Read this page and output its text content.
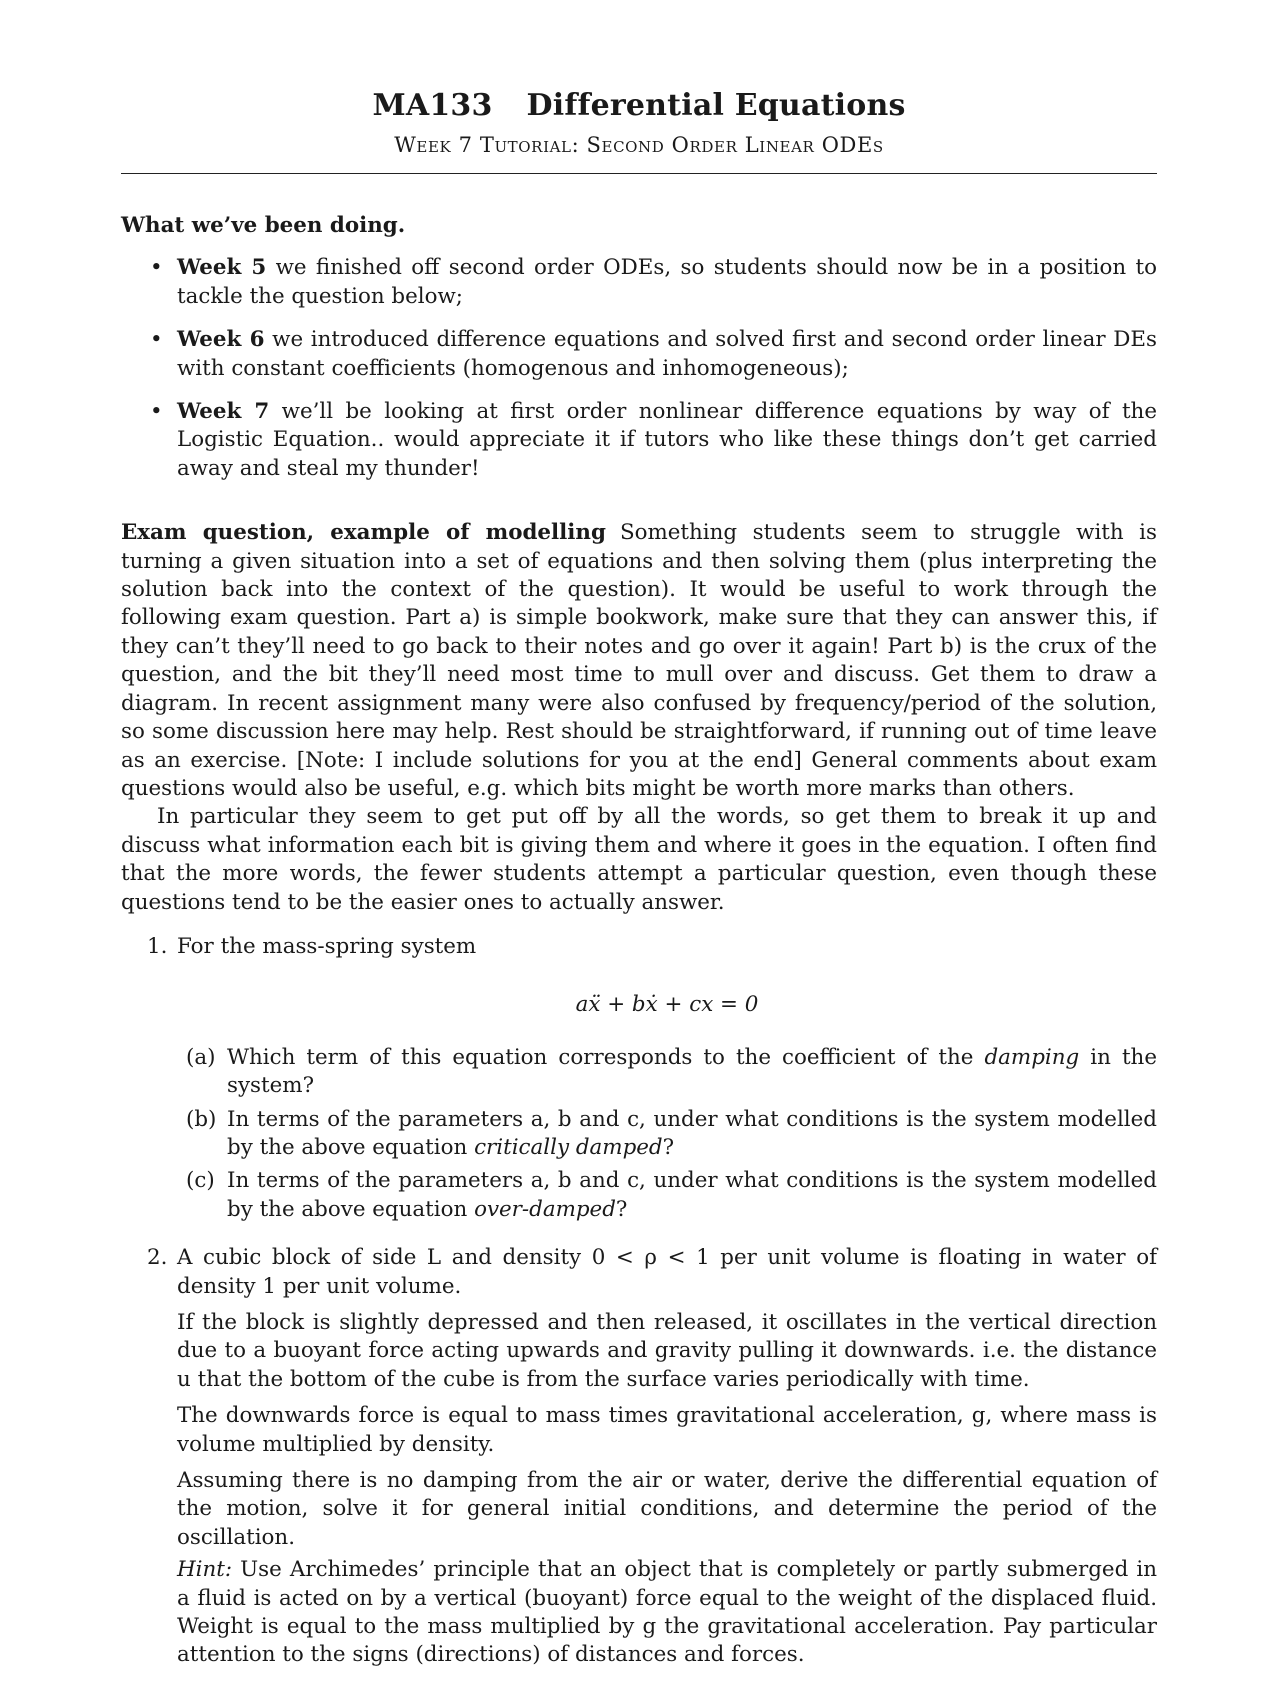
MA133 Differential Equations
Week 7 Tutorial: Second Order Linear ODEs

What we’ve been doing.

• Week 5 we finished off second order ODEs, so students should now be in a position to tackle the question below;
• Week 6 we introduced difference equations and solved first and second order linear DEs with constant coefficients (homogenous and inhomogeneous);
• Week 7 we’ll be looking at first order nonlinear difference equations by way of the Logistic Equation.. would appreciate it if tutors who like these things don’t get carried away and steal my thunder!

Exam question, example of modelling Something students seem to struggle with is turning a given situation into a set of equations and then solving them (plus interpreting the solution back into the context of the question). It would be useful to work through the following exam question. Part a) is simple bookwork, make sure that they can answer this, if they can’t they’ll need to go back to their notes and go over it again! Part b) is the crux of the question, and the bit they’ll need most time to mull over and discuss. Get them to draw a diagram. In recent assignment many were also confused by frequency/period of the solution, so some discussion here may help. Rest should be straightforward, if running out of time leave as an exercise. [Note: I include solutions for you at the end] General comments about exam questions would also be useful, e.g. which bits might be worth more marks than others.

In particular they seem to get put off by all the words, so get them to break it up and discuss what information each bit is giving them and where it goes in the equation. I often find that the more words, the fewer students attempt a particular question, even though these questions tend to be the easier ones to actually answer.

1. For the mass-spring system
aẍ + bẋ + cx = 0
(a) Which term of this equation corresponds to the coefficient of the damping in the system?
(b) In terms of the parameters a, b and c, under what conditions is the system modelled by the above equation critically damped?
(c) In terms of the parameters a, b and c, under what conditions is the system modelled by the above equation over-damped?
2. A cubic block of side L and density 0 < ρ < 1 per unit volume is floating in water of density 1 per unit volume.

If the block is slightly depressed and then released, it oscillates in the vertical direction due to a buoyant force acting upwards and gravity pulling it downwards. i.e. the distance u that the bottom of the cube is from the surface varies periodically with time.

The downwards force is equal to mass times gravitational acceleration, g, where mass is volume multiplied by density.

Assuming there is no damping from the air or water, derive the differential equation of the motion, solve it for general initial conditions, and determine the period of the oscillation.

Hint: Use Archimedes’ principle that an object that is completely or partly submerged in a fluid is acted on by a vertical (buoyant) force equal to the weight of the displaced fluid. Weight is equal to the mass multiplied by g the gravitational acceleration. Pay particular attention to the signs (directions) of distances and forces.
